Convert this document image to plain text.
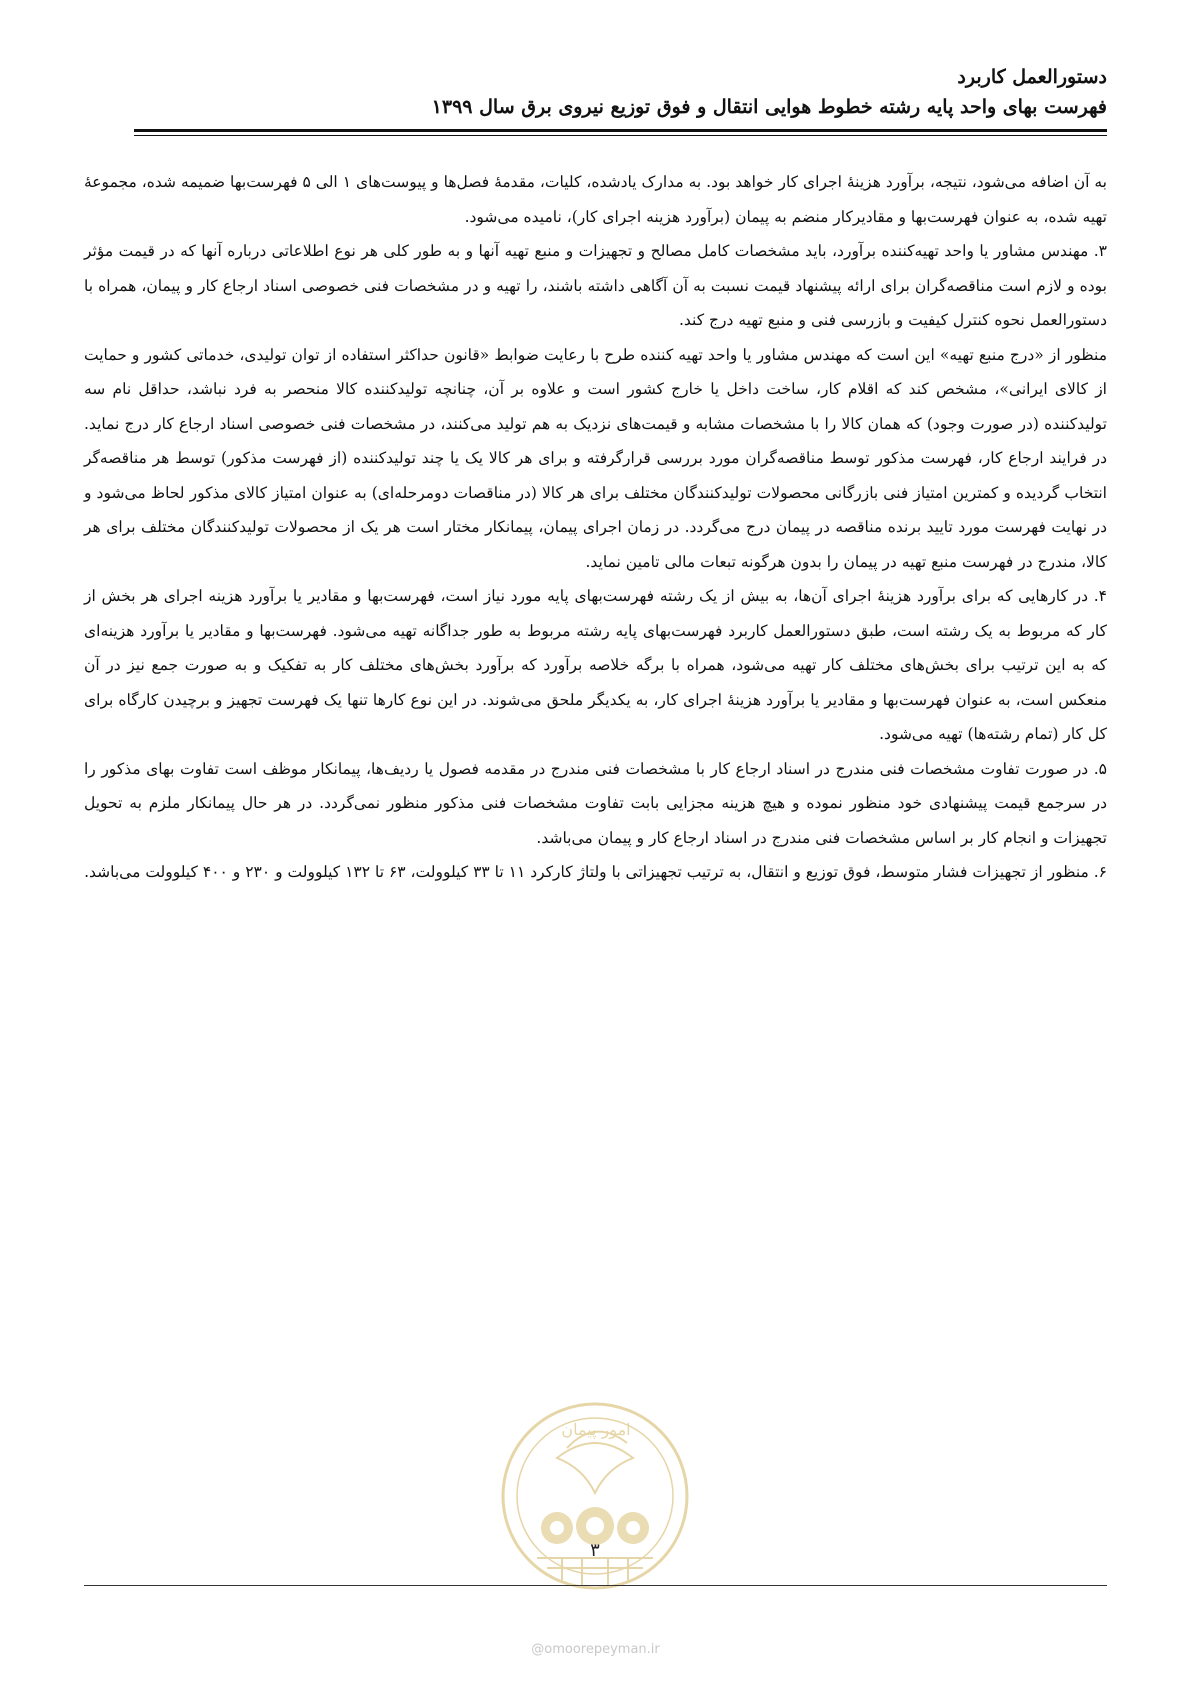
دستورالعمل کاربرد
فهرست بهای واحد پایه رشته خطوط هوایی انتقال و فوق توزیع نیروی برق سال ۱۳۹۹

به آن اضافه می‌شود، نتیجه، برآورد هزینهٔ اجرای کار خواهد بود. به مدارک یادشده، کلیات، مقدمهٔ فصل‌ها و پیوست‌های ۱ الی ۵ فهرست‌بها ضمیمه شده، مجموعهٔ تهیه شده، به عنوان فهرست‌بها و مقادیرکار منضم به پیمان (برآورد هزینه اجرای کار)، نامیده می‌شود.

۳. مهندس مشاور یا واحد تهیه‌کننده برآورد، باید مشخصات کامل مصالح و تجهیزات و منبع تهیه آنها و به طور کلی هر نوع اطلاعاتی درباره آنها که در قیمت مؤثر بوده و لازم است مناقصه‌گران برای ارائه پیشنهاد قیمت نسبت به آن آگاهی داشته باشند، را تهیه و در مشخصات فنی خصوصی اسناد ارجاع کار و پیمان، همراه با دستورالعمل نحوه کنترل کیفیت و بازرسی فنی و منبع تهیه درج کند.

منظور از «درج منبع تهیه» این است که مهندس مشاور یا واحد تهیه کننده طرح با رعایت ضوابط «قانون حداکثر استفاده از توان تولیدی، خدماتی کشور و حمایت از کالای ایرانی»، مشخص کند که اقلام کار، ساخت داخل یا خارج کشور است و علاوه بر آن، چنانچه تولیدکننده کالا منحصر به فرد نباشد، حداقل نام سه تولیدکننده (در صورت وجود) که همان کالا را با مشخصات مشابه و قیمت‌های نزدیک به هم تولید می‌کنند، در مشخصات فنی خصوصی اسناد ارجاع کار درج نماید. در فرایند ارجاع کار، فهرست مذکور توسط مناقصه‌گران مورد بررسی قرارگرفته و برای هر کالا یک یا چند تولیدکننده (از فهرست مذکور) توسط هر مناقصه‌گر انتخاب گردیده و کمترین امتیاز فنی بازرگانی محصولات تولیدکنندگان مختلف برای هر کالا (در مناقصات دومرحله‌ای) به عنوان امتیاز کالای مذکور لحاظ می‌شود و در نهایت فهرست مورد تایید برنده مناقصه در پیمان درج می‌گردد. در زمان اجرای پیمان، پیمانکار مختار است هر یک از محصولات تولیدکنندگان مختلف برای هر کالا، مندرج در فهرست منبع تهیه در پیمان را بدون هرگونه تبعات مالی تامین نماید.

۴. در کارهایی که برای برآورد هزینهٔ اجرای آن‌ها، به بیش از یک رشته فهرست‌بهای پایه مورد نیاز است، فهرست‌بها و مقادیر یا برآورد هزینه اجرای هر بخش از کار که مربوط به یک رشته است، طبق دستورالعمل کاربرد فهرست‌بهای پایه رشته مربوط به طور جداگانه تهیه می‌شود. فهرست‌بها و مقادیر یا برآورد هزینه‌ای که به این ترتیب برای بخش‌های مختلف کار تهیه می‌شود، همراه با برگه خلاصه برآورد که برآورد بخش‌های مختلف کار به تفکیک و به صورت جمع نیز در آن منعکس است، به عنوان فهرست‌بها و مقادیر یا برآورد هزینهٔ اجرای کار، به یکدیگر ملحق می‌شوند. در این نوع کارها تنها یک فهرست تجهیز و برچیدن کارگاه برای کل کار (تمام رشته‌ها) تهیه می‌شود.

۵. در صورت تفاوت مشخصات فنی مندرج در اسناد ارجاع کار با مشخصات فنی مندرج در مقدمه فصول یا ردیف‌ها، پیمانکار موظف است تفاوت بهای مذکور را در سرجمع قیمت پیشنهادی خود منظور نموده و هیچ هزینه مجزایی بابت تفاوت مشخصات فنی مذکور منظور نمی‌گردد. در هر حال پیمانکار ملزم به تحویل تجهیزات و انجام کار بر اساس مشخصات فنی مندرج در اسناد ارجاع کار و پیمان می‌باشد.

۶. منظور از تجهیزات فشار متوسط، فوق توزیع و انتقال، به ترتیب تجهیزاتی با ولتاژ کارکرد ۱۱ تا ۳۳ کیلوولت، ۶۳ تا ۱۳۲ کیلوولت و ۲۳۰ و ۴۰۰ کیلوولت می‌باشد.

امور پیمان
۳
@omoorepeyman.ir
